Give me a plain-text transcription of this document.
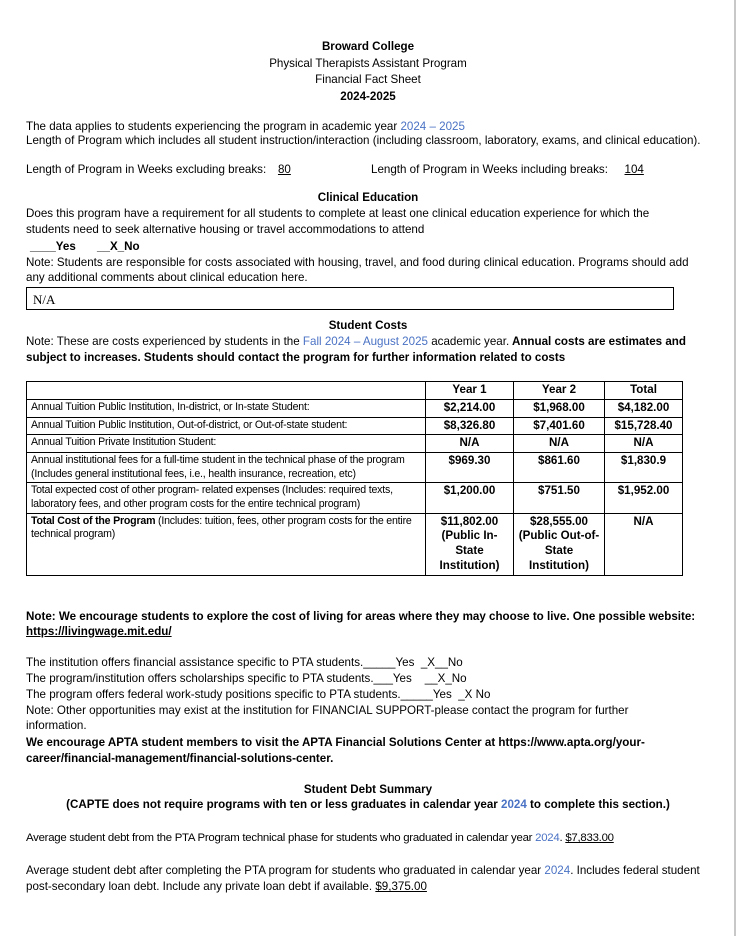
Broward College
Physical Therapists Assistant Program
Financial Fact Sheet
2024-2025
The data applies to students experiencing the program in academic year 2024 – 2025
Length of Program which includes all student instruction/interaction (including classroom, laboratory, exams, and clinical education).
Length of Program in Weeks excluding breaks: 80	Length of Program in Weeks including breaks: 104
Clinical Education
Does this program have a requirement for all students to complete at least one clinical education experience for which the students need to seek alternative housing or travel accommodations to attend
____Yes __X_No
Note: Students are responsible for costs associated with housing, travel, and food during clinical education. Programs should add any additional comments about clinical education here.
N/A
Student Costs
Note: These are costs experienced by students in the Fall 2024 – August 2025 academic year. Annual costs are estimates and subject to increases. Students should contact the program for further information related to costs
	Year 1	Year 2	Total
Annual Tuition Public Institution, In-district, or In-state Student:	$2,214.00	$1,968.00	$4,182.00
Annual Tuition Public Institution, Out-of-district, or Out-of-state student:	$8,326.80	$7,401.60	$15,728.40
Annual Tuition Private Institution Student:	N/A	N/A	N/A
Annual institutional fees for a full-time student in the technical phase of the program (Includes general institutional fees, i.e., health insurance, recreation, etc)	$969.30	$861.60	$1,830.9
Total expected cost of other program- related expenses (Includes: required texts, laboratory fees, and other program costs for the entire technical program)	$1,200.00	$751.50	$1,952.00
Total Cost of the Program (Includes: tuition, fees, other program costs for the entire technical program)	$11,802.00 (Public In-State Institution)	$28,555.00 (Public Out-of-State Institution)	N/A
Note: We encourage students to explore the cost of living for areas where they may choose to live. One possible website:
https://livingwage.mit.edu/
The institution offers financial assistance specific to PTA students._____Yes _X__No
The program/institution offers scholarships specific to PTA students.___Yes __X_No
The program offers federal work-study positions specific to PTA students._____Yes _X No
Note: Other opportunities may exist at the institution for FINANCIAL SUPPORT-please contact the program for further information.
We encourage APTA student members to visit the APTA Financial Solutions Center at https://www.apta.org/your-career/financial-management/financial-solutions-center.
Student Debt Summary
(CAPTE does not require programs with ten or less graduates in calendar year 2024 to complete this section.)
Average student debt from the PTA Program technical phase for students who graduated in calendar year 2024. $7,833.00
Average student debt after completing the PTA program for students who graduated in calendar year 2024. Includes federal student post-secondary loan debt. Include any private loan debt if available. $9,375.00
